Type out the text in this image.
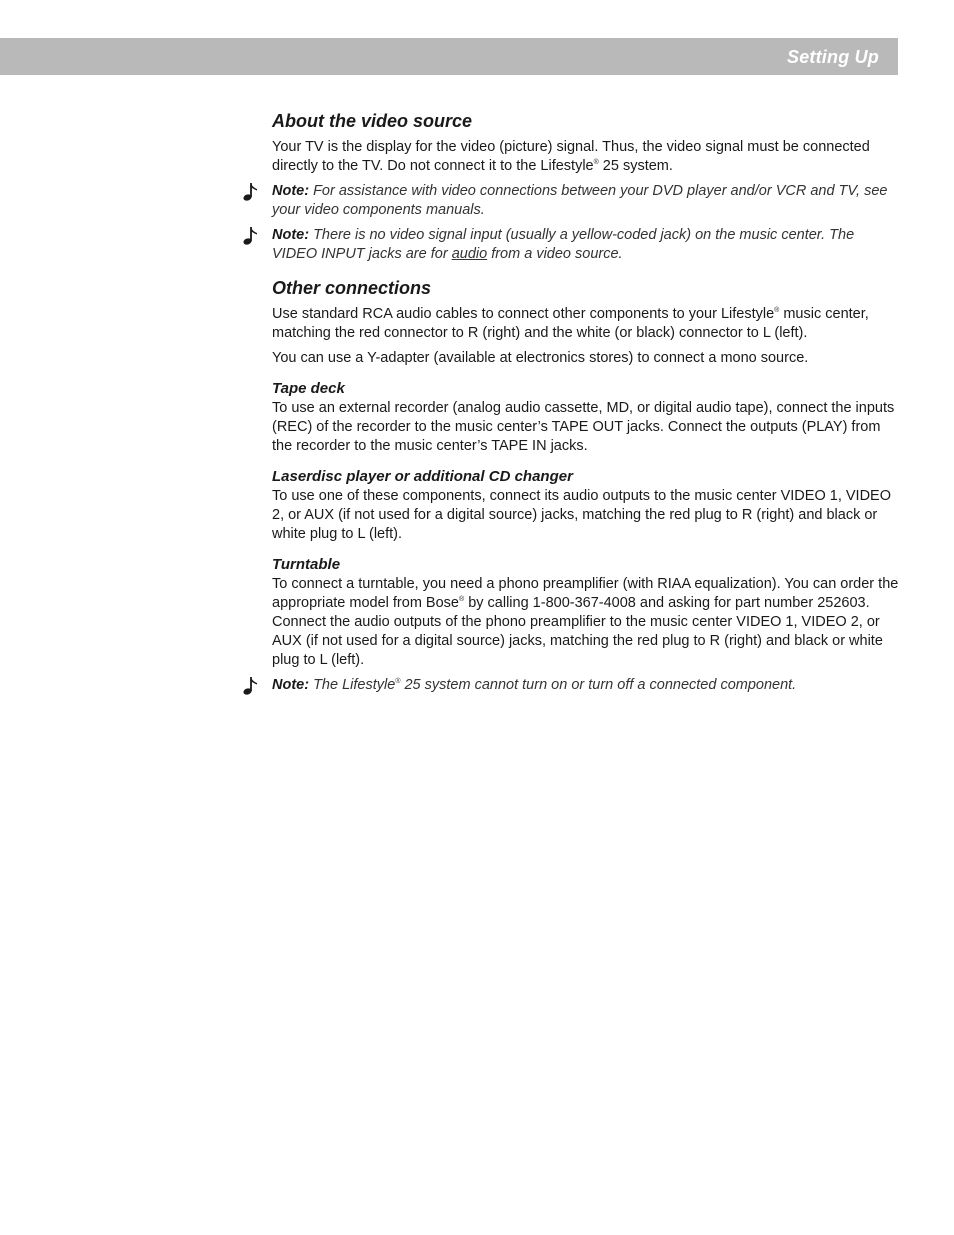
Setting Up
About the video source

Your TV is the display for the video (picture) signal. Thus, the video signal must be connected directly to the TV. Do not connect it to the Lifestyle® 25 system.

Note: For assistance with video connections between your DVD player and/or VCR and TV, see your video components manuals.
Note: There is no video signal input (usually a yellow-coded jack) on the music center. The VIDEO INPUT jacks are for audio from a video source.
Other connections

Use standard RCA audio cables to connect other components to your Lifestyle® music center, matching the red connector to R (right) and the white (or black) connector to L (left).

You can use a Y-adapter (available at electronics stores) to connect a mono source.

Tape deck

To use an external recorder (analog audio cassette, MD, or digital audio tape), connect the inputs (REC) of the recorder to the music center’s TAPE OUT jacks. Connect the outputs (PLAY) from the recorder to the music center’s TAPE IN jacks.

Laserdisc player or additional CD changer

To use one of these components, connect its audio outputs to the music center VIDEO 1, VIDEO 2, or AUX (if not used for a digital source) jacks, matching the red plug to R (right) and black or white plug to L (left).

Turntable

To connect a turntable, you need a phono preamplifier (with RIAA equalization). You can order the appropriate model from Bose® by calling 1-800-367-4008 and asking for part number 252603. Connect the audio outputs of the phono preamplifier to the music center VIDEO 1, VIDEO 2, or AUX (if not used for a digital source) jacks, matching the red plug to R (right) and black or white plug to L (left).

Note: The Lifestyle® 25 system cannot turn on or turn off a connected component.
